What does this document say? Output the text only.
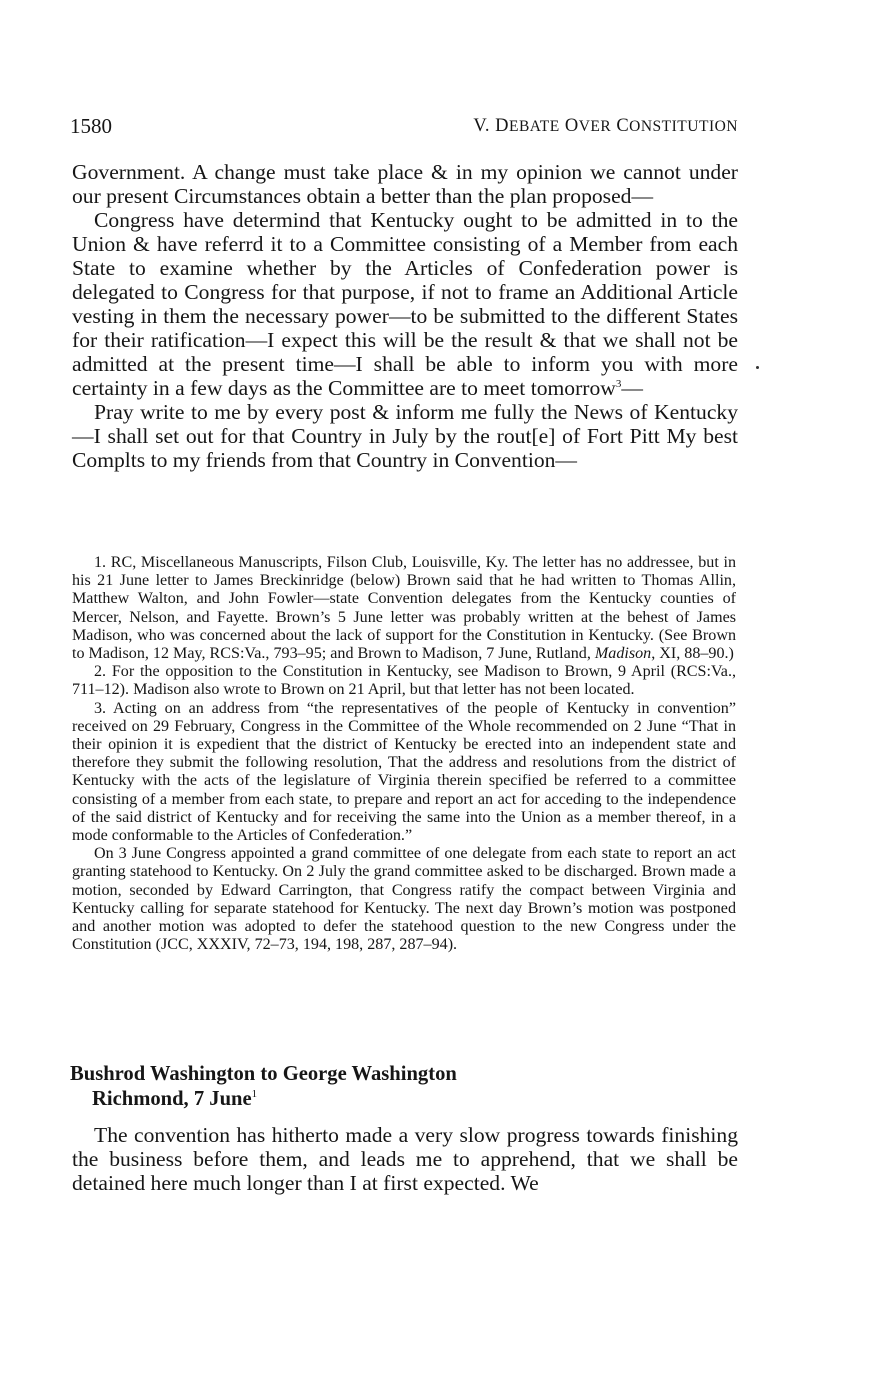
1580	V. DEBATE OVER CONSTITUTION

Government. A change must take place & in my opinion we cannot under our present Circumstances obtain a better than the plan proposed—

Congress have determind that Kentucky ought to be admitted in to the Union & have referrd it to a Committee consisting of a Member from each State to examine whether by the Articles of Confederation power is delegated to Congress for that purpose, if not to frame an Additional Article vesting in them the necessary power—to be submitted to the different States for their ratification—I expect this will be the result & that we shall not be admitted at the present time—I shall be able to inform you with more certainty in a few days as the Committee are to meet tomorrow$^3$—

Pray write to me by every post & inform me fully the News of Kentucky—I shall set out for that Country in July by the rout[e] of Fort Pitt My best Complts to my friends from that Country in Convention—

1. RC, Miscellaneous Manuscripts, Filson Club, Louisville, Ky. The letter has no addressee, but in his 21 June letter to James Breckinridge (below) Brown said that he had written to Thomas Allin, Matthew Walton, and John Fowler—state Convention delegates from the Kentucky counties of Mercer, Nelson, and Fayette. Brown’s 5 June letter was probably written at the behest of James Madison, who was concerned about the lack of support for the Constitution in Kentucky. (See Brown to Madison, 12 May, RCS:Va., 793–95; and Brown to Madison, 7 June, Rutland, Madison, XI, 88–90.)

2. For the opposition to the Constitution in Kentucky, see Madison to Brown, 9 April (RCS:Va., 711–12). Madison also wrote to Brown on 21 April, but that letter has not been located.

3. Acting on an address from “the representatives of the people of Kentucky in convention” received on 29 February, Congress in the Committee of the Whole recommended on 2 June “That in their opinion it is expedient that the district of Kentucky be erected into an independent state and therefore they submit the following resolution, That the address and resolutions from the district of Kentucky with the acts of the legislature of Virginia therein specified be referred to a committee consisting of a member from each state, to prepare and report an act for acceding to the independence of the said district of Kentucky and for receiving the same into the Union as a member thereof, in a mode conformable to the Articles of Confederation.”

On 3 June Congress appointed a grand committee of one delegate from each state to report an act granting statehood to Kentucky. On 2 July the grand committee asked to be discharged. Brown made a motion, seconded by Edward Carrington, that Congress ratify the compact between Virginia and Kentucky calling for separate statehood for Kentucky. The next day Brown’s motion was postponed and another motion was adopted to defer the statehood question to the new Congress under the Constitution (JCC, XXXIV, 72–73, 194, 198, 287, 287–94).

Bushrod Washington to George Washington
Richmond, 7 June$^1$

The convention has hitherto made a very slow progress towards finishing the business before them, and leads me to apprehend, that we shall be detained here much longer than I at first expected. We
